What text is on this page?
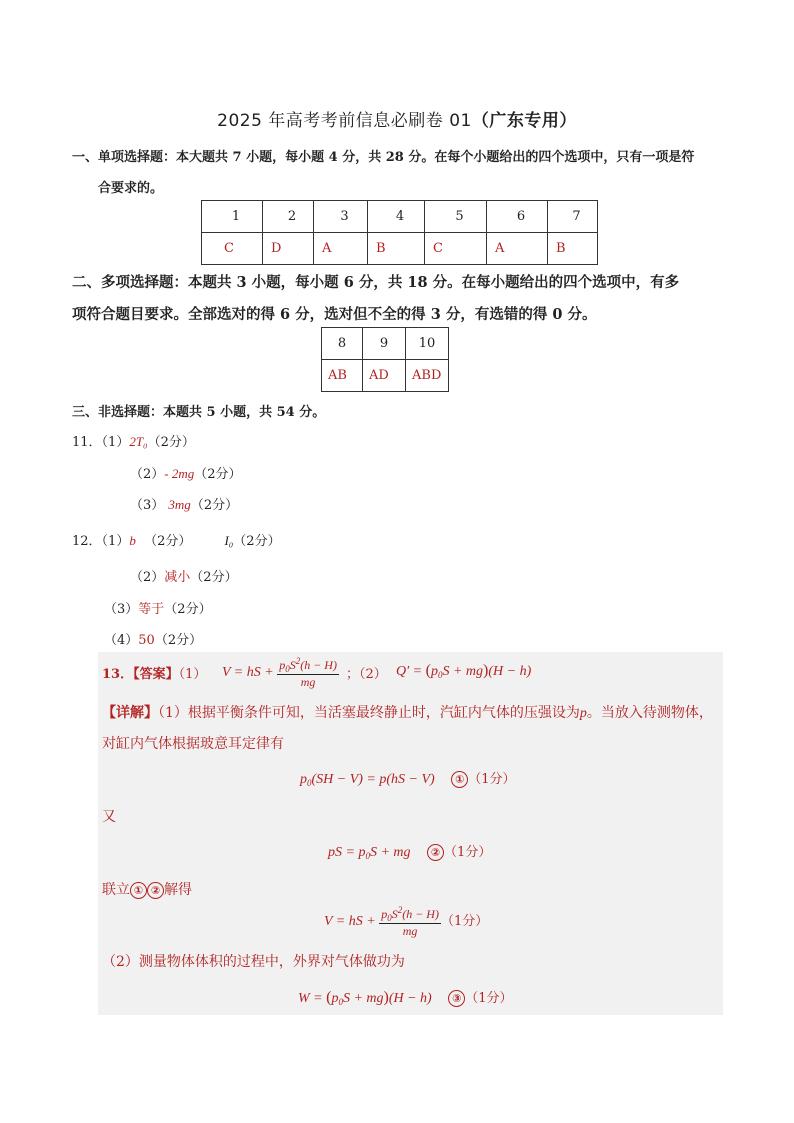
2025 年高考考前信息必刷卷 01（广东专用）
一、单项选择题：本大题共 7 小题，每小题 4 分，共 28 分。在每个小题给出的四个选项中，只有一项是符
合要求的。
1	2	3	4	5	6	7
C	D	A	B	C	A	B
二、多项选择题：本题共 3 小题，每小题 6 分，共 18 分。在每小题给出的四个选项中，有多
项符合题目要求。全部选对的得 6 分，选对但不全的得 3 分，有选错的得 0 分。
8	9	10
AB	AD	ABD
三、非选择题：本题共 5 小题，共 54 分。
11．（1）2T₀（2分）
（2）- 2mg（2分）
（3） 3mg（2分）
12．（1）b （2分）	I₀（2分）
（2）减小（2分）
（3）等于（2分）
（4）50（2分）
13．【答案】（1） V = hS + $\frac{p_0S^2(h - H)}{mg}$ ；（2） $Q' = (p_0S + mg)(H - h)$
【详解】（1）根据平衡条件可知，当活塞最终静止时，汽缸内气体的压强设为p。当放入待测物体，
对缸内气体根据玻意耳定律有
$p_0(SH - V) = p(hS - V)$ ① （1分）
又
pS = $p_0S$ + mg ② （1分）
联立 ① ② 解得
V = hS + $\frac{p_0S^2(h - H)}{mg} (1$分）
（2）测量物体体积的过程中，外界对气体做功为
$W = (p_0S + mg)(H - h)$ ③ （1分）
